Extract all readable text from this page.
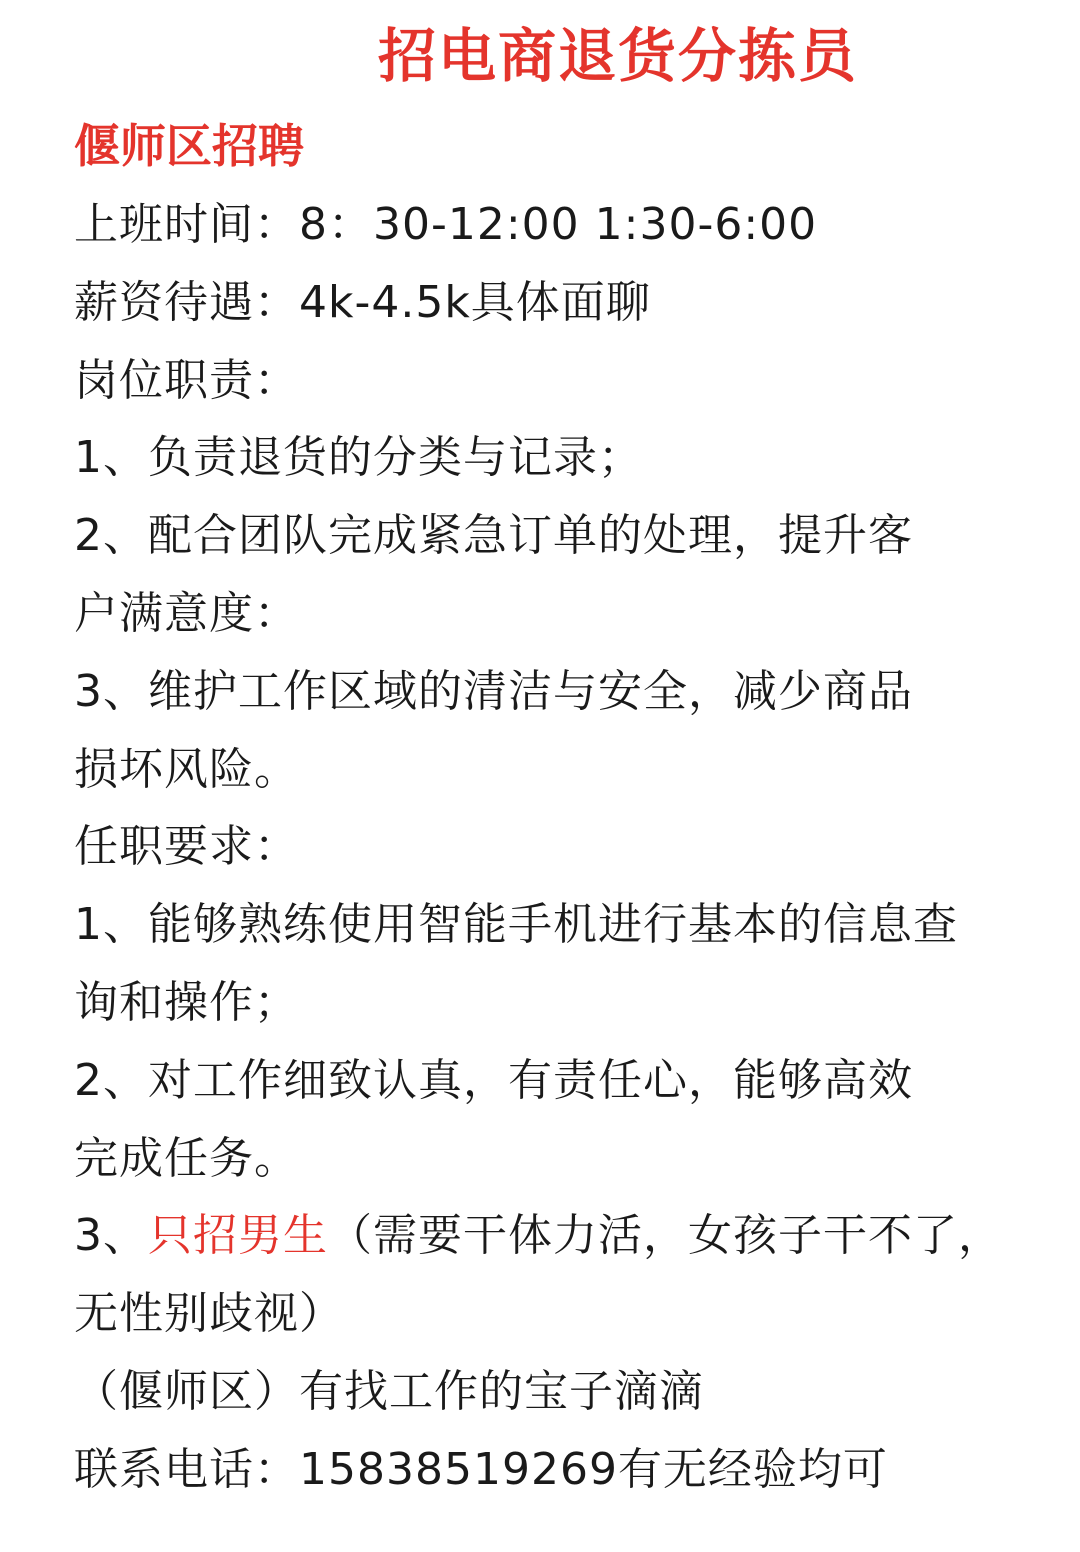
招电商退货分拣员
偃师区招聘
上班时间：8：30-12:00 1:30-6:00
薪资待遇：4k-4.5k具体面聊
岗位职责：
1、负责退货的分类与记录；
2、配合团队完成紧急订单的处理，提升客
户满意度：
3、维护工作区域的清洁与安全，减少商品
损坏风险。
任职要求：
1、能够熟练使用智能手机进行基本的信息查
询和操作；
2、对工作细致认真，有责任心，能够高效
完成任务。
3、只招男生（需要干体力活，女孩子干不了，
无性别歧视）
（偃师区）有找工作的宝子滴滴
联系电话：15838519269有无经验均可
